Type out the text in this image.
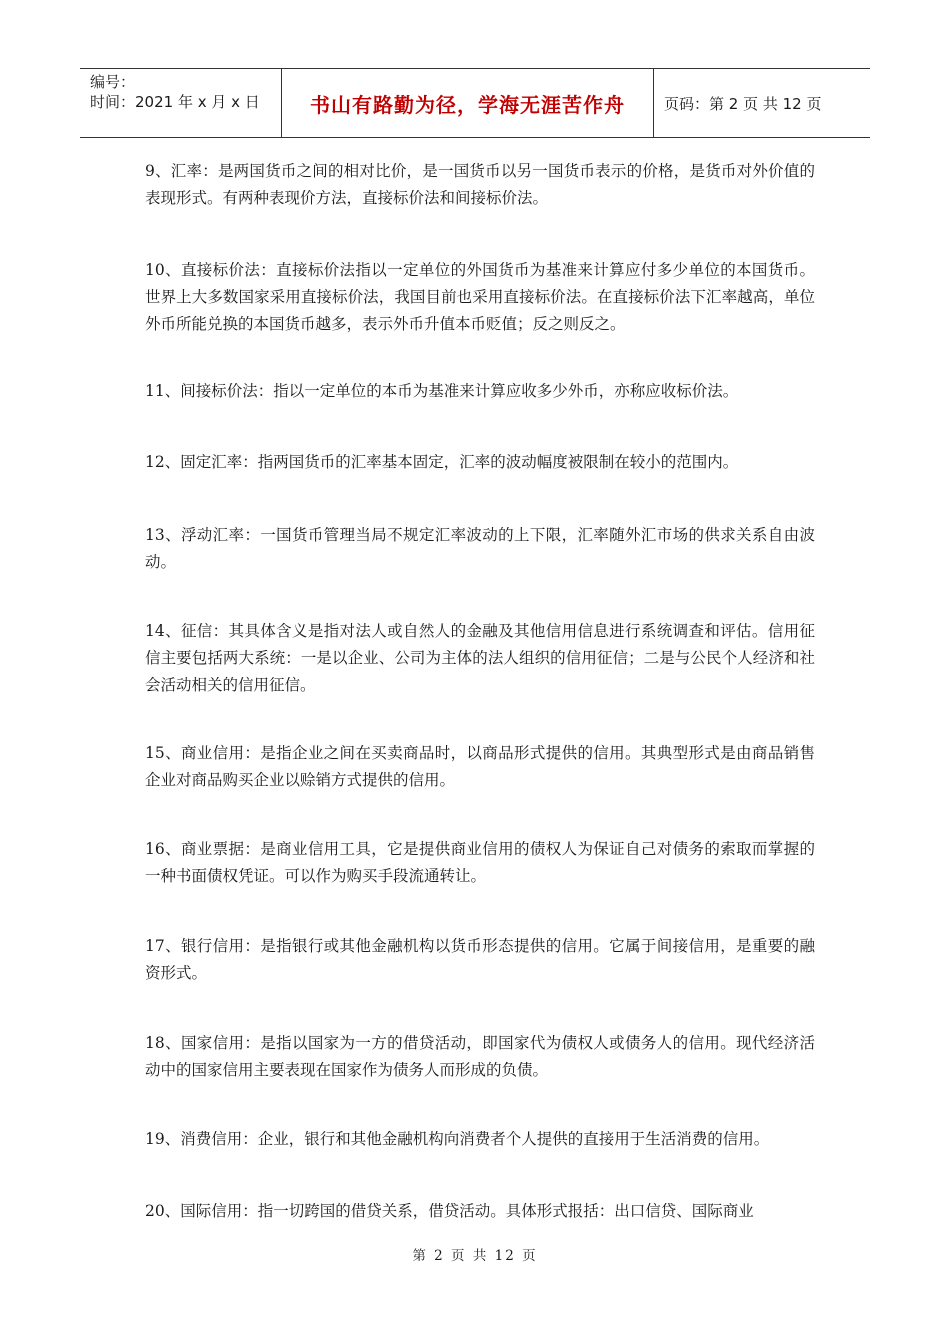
编号：
时间：2021 年 x 月 x 日	书山有路勤为径，学海无涯苦作舟	页码：第 2 页 共 12 页

9、汇率：是两国货币之间的相对比价，是一国货币以另一国货币表示的价格，是货币对外价值的表现形式。有两种表现价方法，直接标价法和间接标价法。

10、直接标价法：直接标价法指以一定单位的外国货币为基准来计算应付多少单位的本国货币。世界上大多数国家采用直接标价法，我国目前也采用直接标价法。在直接标价法下汇率越高，单位外币所能兑换的本国货币越多，表示外币升值本币贬值；反之则反之。

11、间接标价法：指以一定单位的本币为基准来计算应收多少外币，亦称应收标价法。

12、固定汇率：指两国货币的汇率基本固定，汇率的波动幅度被限制在较小的范围内。

13、浮动汇率：一国货币管理当局不规定汇率波动的上下限，汇率随外汇市场的供求关系自由波动。

14、征信：其具体含义是指对法人或自然人的金融及其他信用信息进行系统调查和评估。信用征信主要包括两大系统：一是以企业、公司为主体的法人组织的信用征信；二是与公民个人经济和社会活动相关的信用征信。

15、商业信用：是指企业之间在买卖商品时，以商品形式提供的信用。其典型形式是由商品销售企业对商品购买企业以赊销方式提供的信用。

16、商业票据：是商业信用工具，它是提供商业信用的债权人为保证自己对债务的索取而掌握的一种书面债权凭证。可以作为购买手段流通转让。

17、银行信用：是指银行或其他金融机构以货币形态提供的信用。它属于间接信用，是重要的融资形式。

18、国家信用：是指以国家为一方的借贷活动，即国家代为债权人或债务人的信用。现代经济活动中的国家信用主要表现在国家作为债务人而形成的负债。

19、消费信用：企业，银行和其他金融机构向消费者个人提供的直接用于生活消费的信用。

20、国际信用：指一切跨国的借贷关系，借贷活动。具体形式报括：出口信贷、国际商业

第 2 页 共 12 页
